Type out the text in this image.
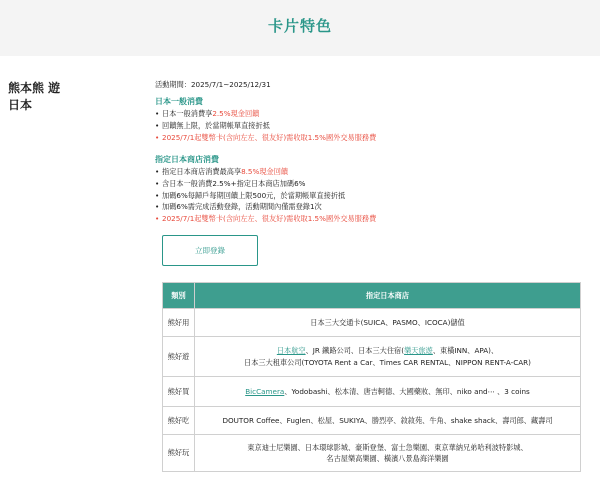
卡片特色
熊本熊 遊日本
活動期間：2025/7/1~2025/12/31
日本一般消費
• 日本一般消費享2.5%現金回饋
• 回饋無上限，於當期帳單直接折抵
• 2025/7/1起雙幣卡(含向左左、很友好)需收取1.5%國外交易服務費
指定日本商店消費
• 指定日本商店消費最高享8.5%現金回饋
• 含日本一般消費2.5%+指定日本商店加碼6%
• 加碼6%每歸戶每期回饋上限500元，於當期帳單直接折抵
• 加碼6%需完成活動登錄，活動期間內僅需登錄1次
• 2025/7/1起雙幣卡(含向左左、很友好)需收取1.5%國外交易服務費
立即登錄
類別	指定日本商店
熊好用	日本三大交通卡(SUICA、PASMO、ICOCA)儲值
熊好遊	日本航空、JR 鐵路公司、日本三大住宿(樂天旅遊、東橫INN、APA)、
日本三大租車公司(TOYOTA Rent a Car、Times CAR RENTAL、NIPPON RENT-A-CAR)

熊好買	BicCamera、Yodobashi、松本清、唐吉軻德、大國藥妝、無印、niko and⋯ 、3 coins
熊好吃	DOUTOR Coffee、Fuglen、松屋、SUKIYA、勝烈亭、敘敘苑、牛角、shake shack、壽司郎、藏壽司
熊好玩	東京迪士尼樂園、日本環球影城、豪斯登堡、富士急樂園、東京華納兄弟哈利波特影城、
名古屋樂高樂園、橫濱八景島海洋樂園
